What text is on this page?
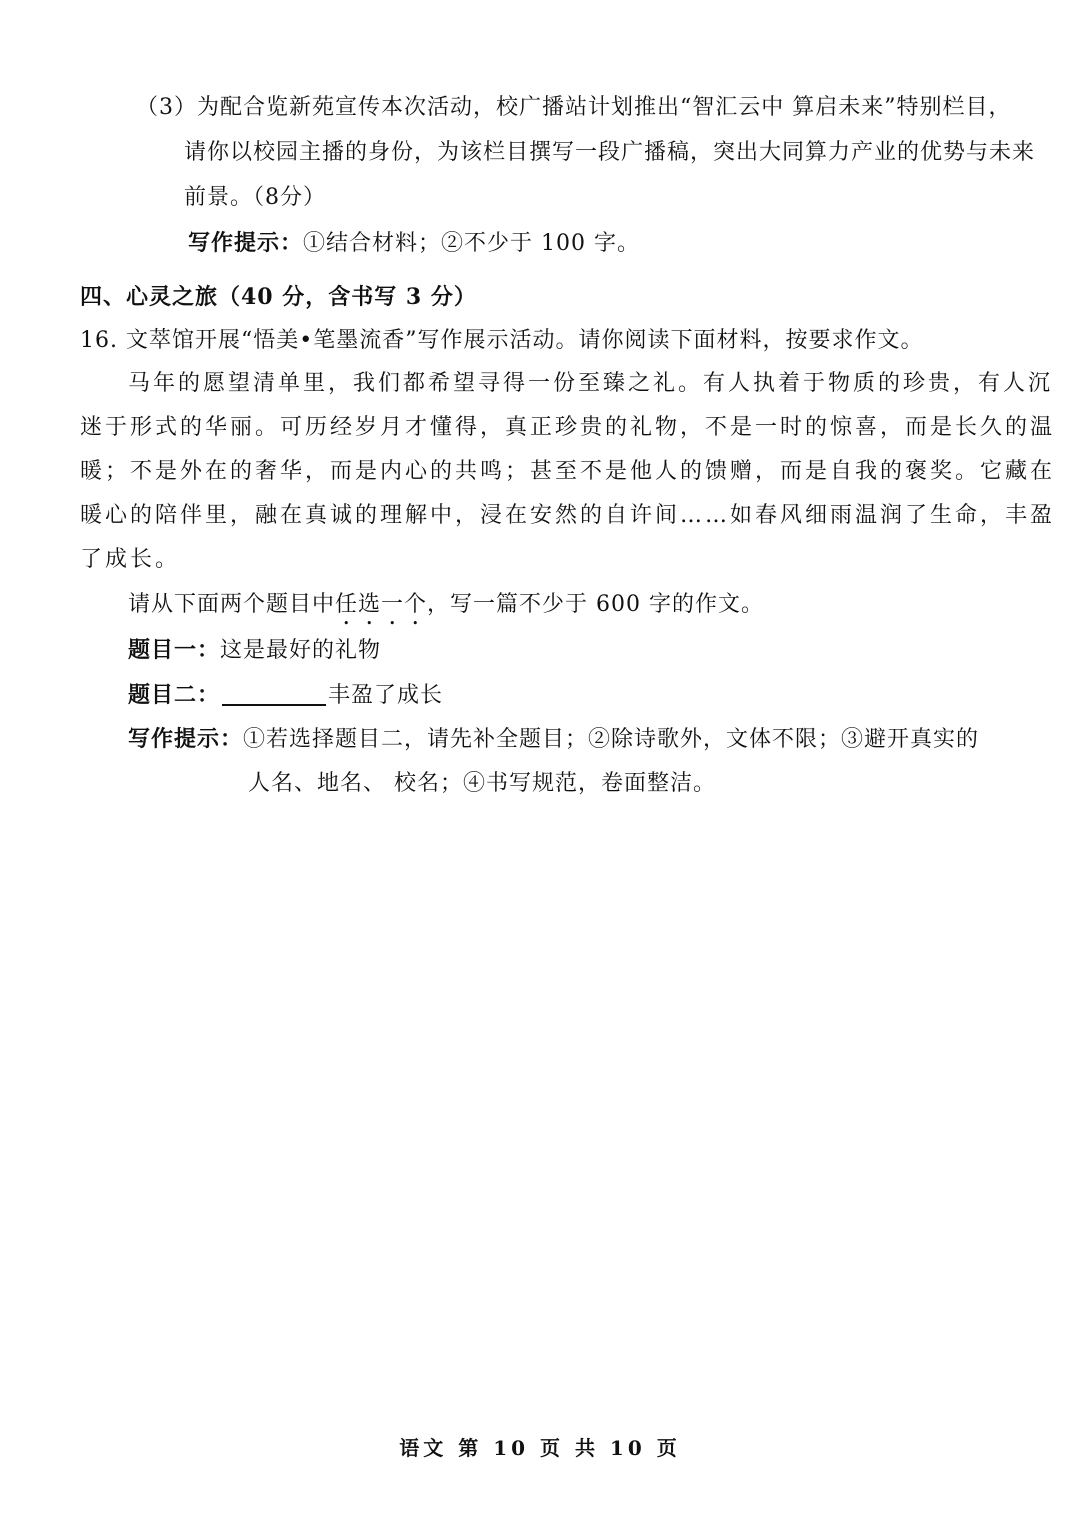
（3）为配合览新苑宣传本次活动，校广播站计划推出“智汇云中 算启未来”特别栏目，
请你以校园主播的身份，为该栏目撰写一段广播稿，突出大同算力产业的优势与未来
前景。（8分）
写作提示：①结合材料；②不少于 100 字。
四、心灵之旅（40 分，含书写 3 分）
16. 文萃馆开展“悟美•笔墨流香”写作展示活动。请你阅读下面材料，按要求作文。
马年的愿望清单里，我们都希望寻得一份至臻之礼。有人执着于物质的珍贵，有人沉
迷于形式的华丽。可历经岁月才懂得，真正珍贵的礼物，不是一时的惊喜，而是长久的温
暖；不是外在的奢华，而是内心的共鸣；甚至不是他人的馈赠，而是自我的褒奖。它藏在
暖心的陪伴里，融在真诚的理解中，浸在安然的自许间……如春风细雨温润了生命，丰盈
了成长。
请从下面两个题目中任选一个，写一篇不少于 600 字的作文。
题目一：这是最好的礼物
题目二：	丰盈了成长
写作提示：①若选择题目二，请先补全题目；②除诗歌外，文体不限；③避开真实的
人名、地名、 校名；④书写规范，卷面整洁。
语文 第 10 页 共 10 页
